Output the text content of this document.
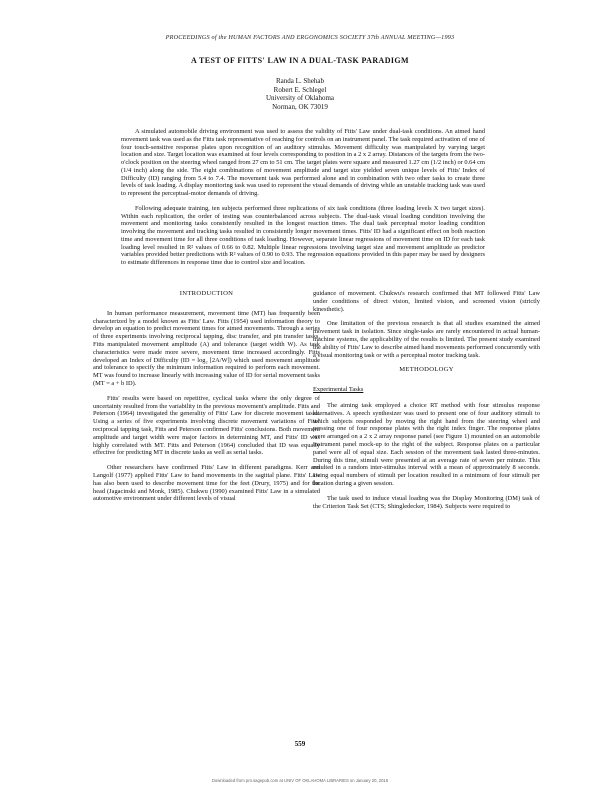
PROCEEDINGS of the HUMAN FACTORS AND ERGONOMICS SOCIETY 37th ANNUAL MEETING—1993
A TEST OF FITTS' LAW IN A DUAL-TASK PARADIGM
Randa L. Shehab
Robert E. Schlegel
University of Oklahoma
Norman, OK 73019

A simulated automobile driving environment was used to assess the validity of Fitts' Law under dual-task conditions. An aimed hand movement task was used as the Fitts task representative of reaching for controls on an instrument panel. The task required activation of one of four touch-sensitive response plates upon recognition of an auditory stimulus. Movement difficulty was manipulated by varying target location and size. Target location was examined at four levels corresponding to position in a 2 x 2 array. Distances of the targets from the two-o'clock position on the steering wheel ranged from 27 cm to 51 cm. The target plates were square and measured 1.27 cm (1/2 inch) or 0.64 cm (1/4 inch) along the side. The eight combinations of movement amplitude and target size yielded seven unique levels of Fitts' Index of Difficulty (ID) ranging from 5.4 to 7.4. The movement task was performed alone and in combination with two other tasks to create three levels of task loading. A display monitoring task was used to represent the visual demands of driving while an unstable tracking task was used to represent the perceptual-motor demands of driving.

Following adequate training, ten subjects performed three replications of six task conditions (three loading levels X two target sizes). Within each replication, the order of testing was counterbalanced across subjects. The dual-task visual loading condition involving the movement and monitoring tasks consistently resulted in the longest reaction times. The dual task perceptual motor loading condition involving the movement and tracking tasks resulted in consistently longer movement times. Fitts' ID had a significant effect on both reaction time and movement time for all three conditions of task loading. However, separate linear regressions of movement time on ID for each task loading level resulted in R² values of 0.66 to 0.82. Multiple linear regressions involving target size and movement amplitude as predictor variables provided better predictions with R² values of 0.90 to 0.93. The regression equations provided in this paper may be used by designers to estimate differences in response time due to control size and location.

INTRODUCTION

In human performance measurement, movement time (MT) has frequently been characterized by a model known as Fitts' Law. Fitts (1954) used information theory to develop an equation to predict movement times for aimed movements. Through a series of three experiments involving reciprocal tapping, disc transfer, and pin transfer tasks, Fitts manipulated movement amplitude (A) and tolerance (target width W). As task characteristics were made more severe, movement time increased accordingly. Fitts developed an Index of Difficulty (ID = log₂ [2A/W]) which used movement amplitude and tolerance to specify the minimum information required to perform each movement. MT was found to increase linearly with increasing value of ID for serial movement tasks (MT = a + b ID).

Fitts' results were based on repetitive, cyclical tasks where the only degree of uncertainty resulted from the variability in the previous movement's amplitude. Fitts and Peterson (1964) investigated the generality of Fitts' Law for discrete movement tasks. Using a series of five experiments involving discrete movement variations of Fitts' reciprocal tapping task, Fitts and Peterson confirmed Fitts' conclusions. Both movement amplitude and target width were major factors in determining MT, and Fitts' ID was highly correlated with MT. Fitts and Peterson (1964) concluded that ID was equally effective for predicting MT in discrete tasks as well as serial tasks.

Other researchers have confirmed Fitts' Law in different paradigms. Kerr and Langolf (1977) applied Fitts' Law to hand movements in the sagittal plane. Fitts' Law has also been used to describe movement time for the feet (Drury, 1975) and for the head (Jagacinski and Monk, 1985). Chukwu (1990) examined Fitts' Law in a simulated automotive environment under different levels of visual

guidance of movement. Chukwu's research confirmed that MT followed Fitts' Law under conditions of direct vision, limited vision, and screened vision (strictly kinesthetic).

One limitation of the previous research is that all studies examined the aimed movement task in isolation. Since single-tasks are rarely encountered in actual human-machine systems, the applicability of the results is limited. The present study examined the ability of Fitts' Law to describe aimed hand movements performed concurrently with a visual monitoring task or with a perceptual motor tracking task.

METHODOLOGY
Experimental Tasks

The aiming task employed a choice RT method with four stimulus response alternatives. A speech synthesizer was used to present one of four auditory stimuli to which subjects responded by moving the right hand from the steering wheel and pressing one of four response plates with the right index finger. The response plates were arranged on a 2 x 2 array response panel (see Figure 1) mounted on an automobile instrument panel mock-up to the right of the subject. Response plates on a particular panel were all of equal size. Each session of the movement task lasted three-minutes. During this time, stimuli were presented at an average rate of seven per minute. This resulted in a random inter-stimulus interval with a mean of approximately 8 seconds. Using equal numbers of stimuli per location resulted in a minimum of four stimuli per location during a given session.

The task used to induce visual loading was the Display Monitoring (DM) task of the Criterion Task Set (CTS; Shingledecker, 1984). Subjects were required to

559
Downloaded from pro.sagepub.com at UNIV OF OKLAHOMA LIBRARIES on January 20, 2016
